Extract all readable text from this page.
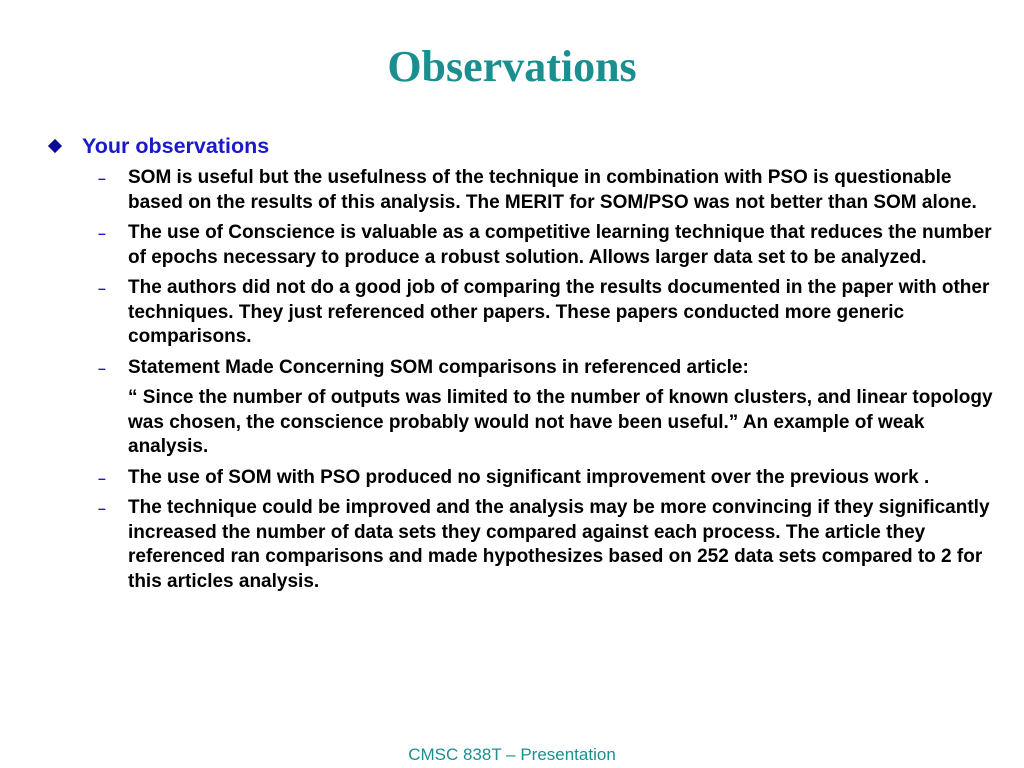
Observations
Your observations
– SOM is useful but the usefulness of the technique in combination with PSO is questionable based on the results of this analysis. The MERIT for SOM/PSO was not better than SOM alone.
– The use of Conscience is valuable as a competitive learning technique that reduces the number of epochs necessary to produce a robust solution. Allows larger data set to be analyzed.
– The authors did not do a good job of comparing the results documented in the paper with other techniques. They just referenced other papers. These papers conducted more generic comparisons.
– Statement Made Concerning SOM comparisons in referenced article:
“ Since the number of outputs was limited to the number of known clusters, and linear topology was chosen, the conscience probably would not have been useful.” An example of weak analysis.
– The use of SOM with PSO produced no significant improvement over the previous work .
– The technique could be improved and the analysis may be more convincing if they significantly increased the number of data sets they compared against each process. The article they referenced ran comparisons and made hypothesizes based on 252 data sets compared to 2 for this articles analysis.
CMSC 838T – Presentation
